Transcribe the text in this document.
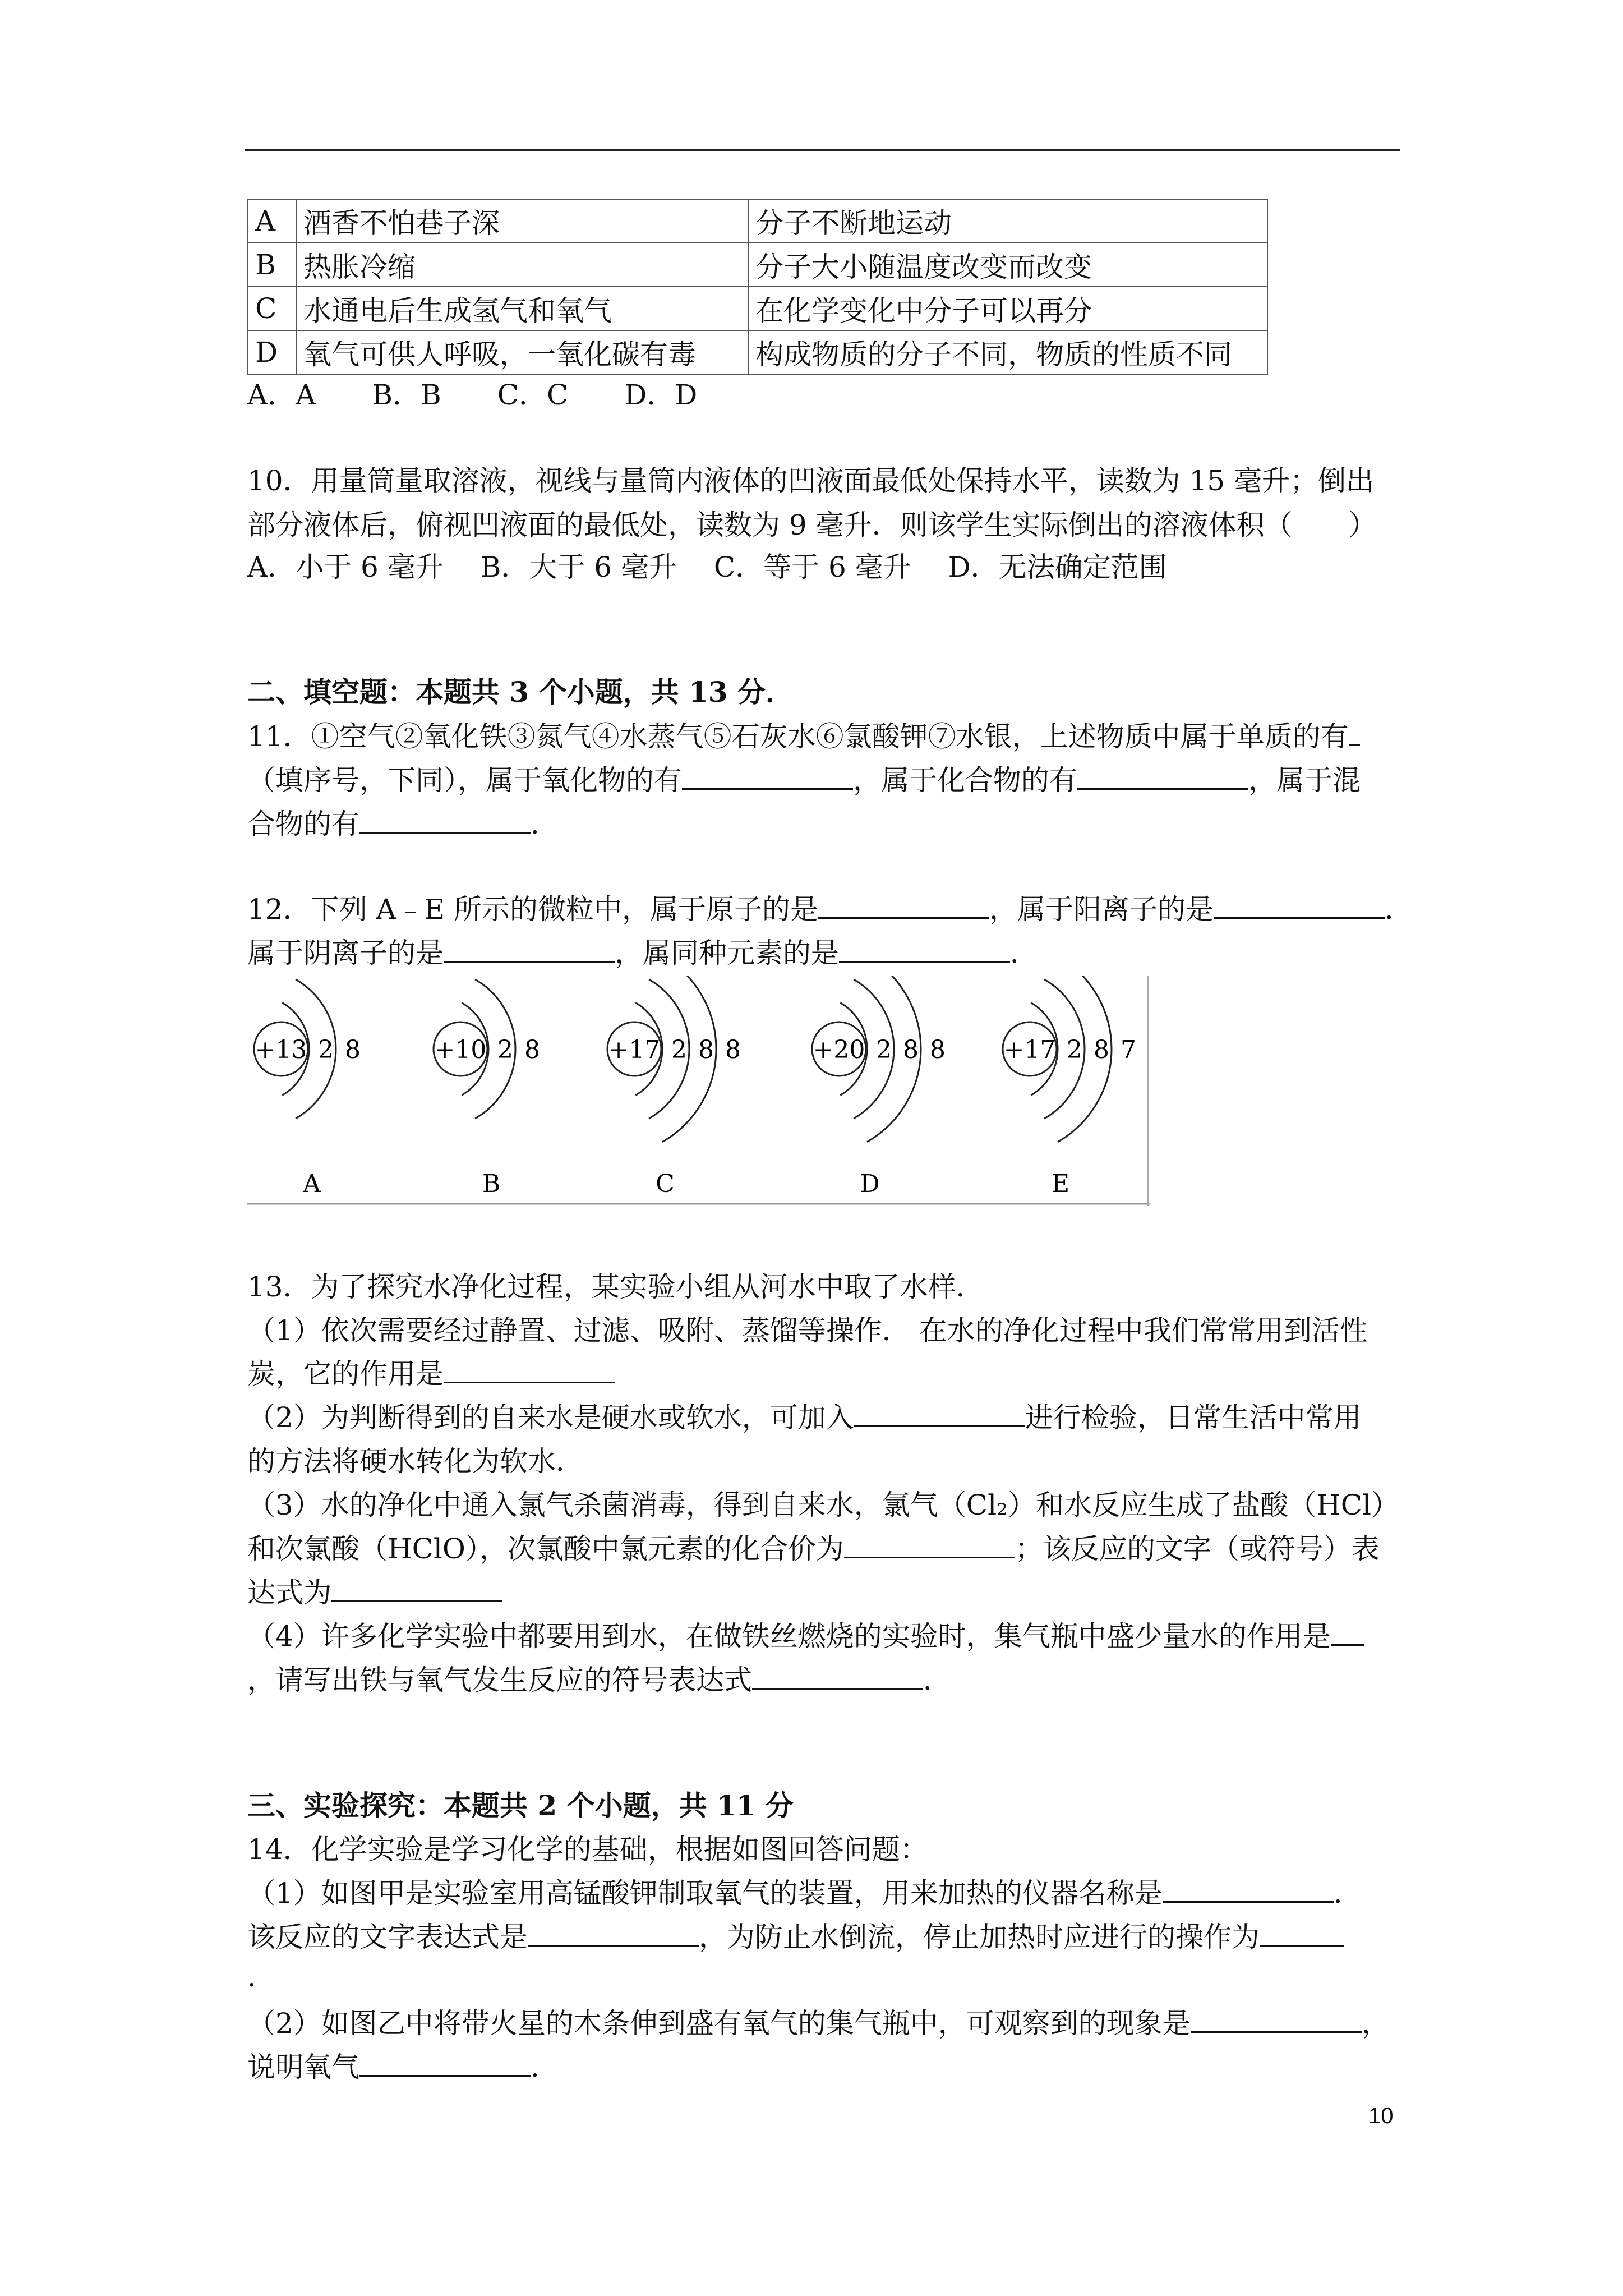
A	酒香不怕巷子深	分子不断地运动
B	热胀冷缩	分子大小随温度改变而改变
C	水通电后生成氢气和氧气	在化学变化中分子可以再分
D	氧气可供人呼吸，一氧化碳有毒	构成物质的分子不同，物质的性质不同
A．A　　B．B　　C．C　　D．D
10．用量筒量取溶液，视线与量筒内液体的凹液面最低处保持水平，读数为 15 毫升；倒出
部分液体后，俯视凹液面的最低处，读数为 9 毫升．则该学生实际倒出的溶液体积（　　）
A．小于 6 毫升　 B．大于 6 毫升　 C．等于 6 毫升　 D．无法确定范围
二、填空题：本题共 3 个小题，共 13 分．
11．①空气②氧化铁③氮气④水蒸气⑤石灰水⑥氯酸钾⑦水银，上述物质中属于单质的有
（填序号，下同），属于氧化物的有	，属于化合物的有	，属于混
合物的有	．
12．下列 A﹣E 所示的微粒中，属于原子的是	，属于阳离子的是	．
属于阴离子的是	，属同种元素的是	．
+13 2 8
A
+10 2 8
B
+17 2 8 8
C
+20 2 8 8
D
+17 2 8 7
E
13．为了探究水净化过程，某实验小组从河水中取了水样．
（1）依次需要经过静置、过滤、吸附、蒸馏等操作． 在水的净化过程中我们常常用到活性
炭，它的作用是
（2）为判断得到的自来水是硬水或软水，可加入	进行检验，日常生活中常用
的方法将硬水转化为软水．
（3）水的净化中通入氯气杀菌消毒，得到自来水，氯气（Cl₂）和水反应生成了盐酸（HCl）
和次氯酸（HClO），次氯酸中氯元素的化合价为	；该反应的文字（或符号）表
达式为
（4）许多化学实验中都要用到水，在做铁丝燃烧的实验时，集气瓶中盛少量水的作用是
，请写出铁与氧气发生反应的符号表达式	．
三、实验探究：本题共 2 个小题，共 11 分
14．化学实验是学习化学的基础，根据如图回答问题：
（1）如图甲是实验室用高锰酸钾制取氧气的装置，用来加热的仪器名称是	．
该反应的文字表达式是	，为防止水倒流，停止加热时应进行的操作为
．
（2）如图乙中将带火星的木条伸到盛有氧气的集气瓶中，可观察到的现象是	，
说明氧气	．
10
